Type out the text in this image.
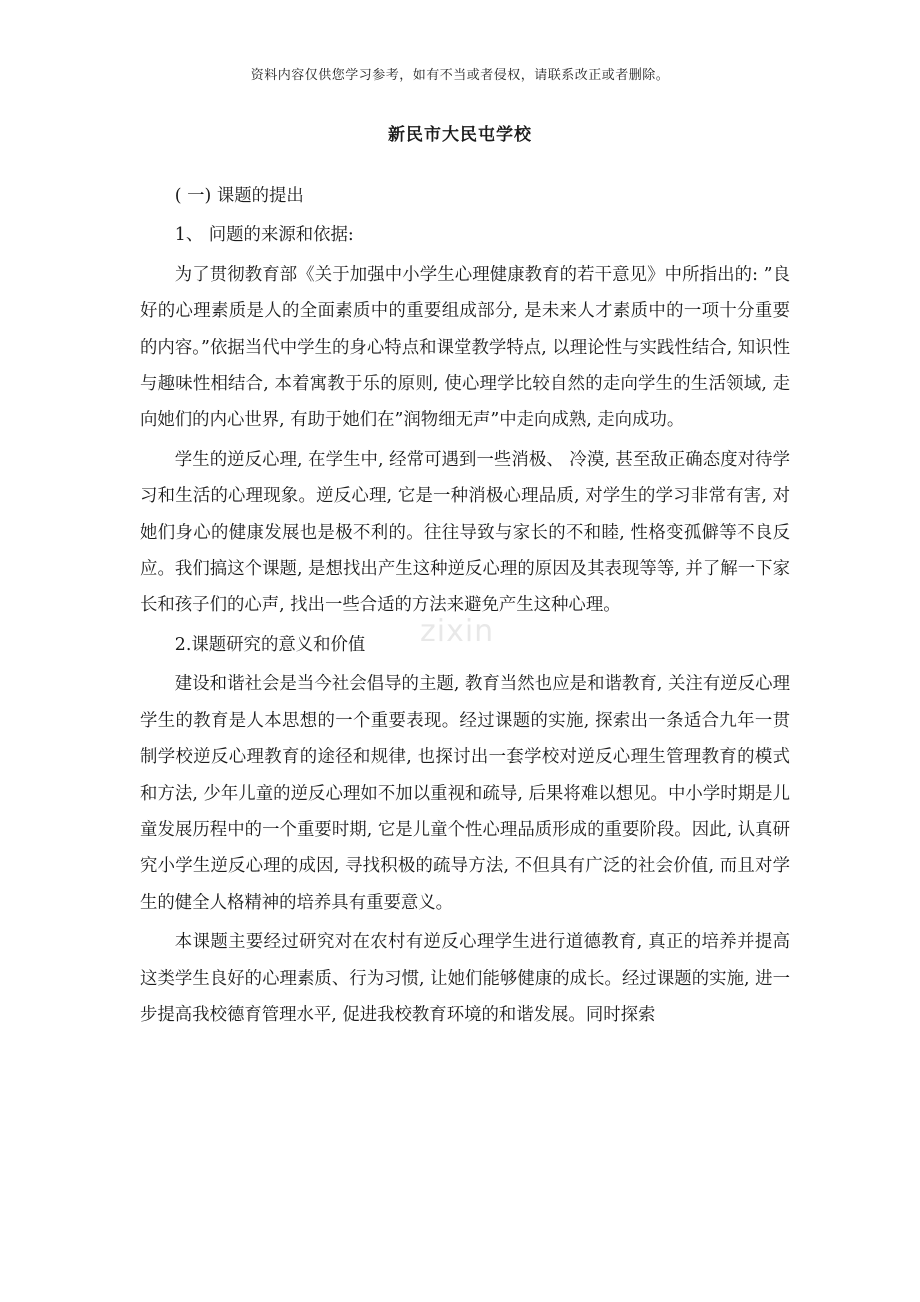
资料内容仅供您学习参考，如有不当或者侵权，请联系改正或者删除。
新民市大民屯学校

( 一) 课题的提出

1、 问题的来源和依据:

为了贯彻教育部《关于加强中小学生心理健康教育的若干意见》中所指出的: ”良好的心理素质是人的全面素质中的重要组成部分, 是未来人才素质中的一项十分重要的内容。”依据当代中学生的身心特点和课堂教学特点, 以理论性与实践性结合, 知识性与趣味性相结合, 本着寓教于乐的原则, 使心理学比较自然的走向学生的生活领域, 走向她们的内心世界, 有助于她们在”润物细无声”中走向成熟, 走向成功。

学生的逆反心理, 在学生中, 经常可遇到一些消极、 冷漠, 甚至敌正确态度对待学习和生活的心理现象。逆反心理, 它是一种消极心理品质, 对学生的学习非常有害, 对她们身心的健康发展也是极不利的。往往导致与家长的不和睦, 性格变孤僻等不良反应。我们搞这个课题, 是想找出产生这种逆反心理的原因及其表现等等, 并了解一下家长和孩子们的心声, 找出一些合适的方法来避免产生这种心理。

2.课题研究的意义和价值

建设和谐社会是当今社会倡导的主题, 教育当然也应是和谐教育, 关注有逆反心理学生的教育是人本思想的一个重要表现。经过课题的实施, 探索出一条适合九年一贯制学校逆反心理教育的途径和规律, 也探讨出一套学校对逆反心理生管理教育的模式和方法, 少年儿童的逆反心理如不加以重视和疏导, 后果将难以想见。中小学时期是儿童发展历程中的一个重要时期, 它是儿童个性心理品质形成的重要阶段。因此, 认真研究小学生逆反心理的成因, 寻找积极的疏导方法, 不但具有广泛的社会价值, 而且对学生的健全人格精神的培养具有重要意义。

本课题主要经过研究对在农村有逆反心理学生进行道德教育, 真正的培养并提高这类学生良好的心理素质、行为习惯, 让她们能够健康的成长。经过课题的实施, 进一步提高我校德育管理水平, 促进我校教育环境的和谐发展。同时探索

zixin
